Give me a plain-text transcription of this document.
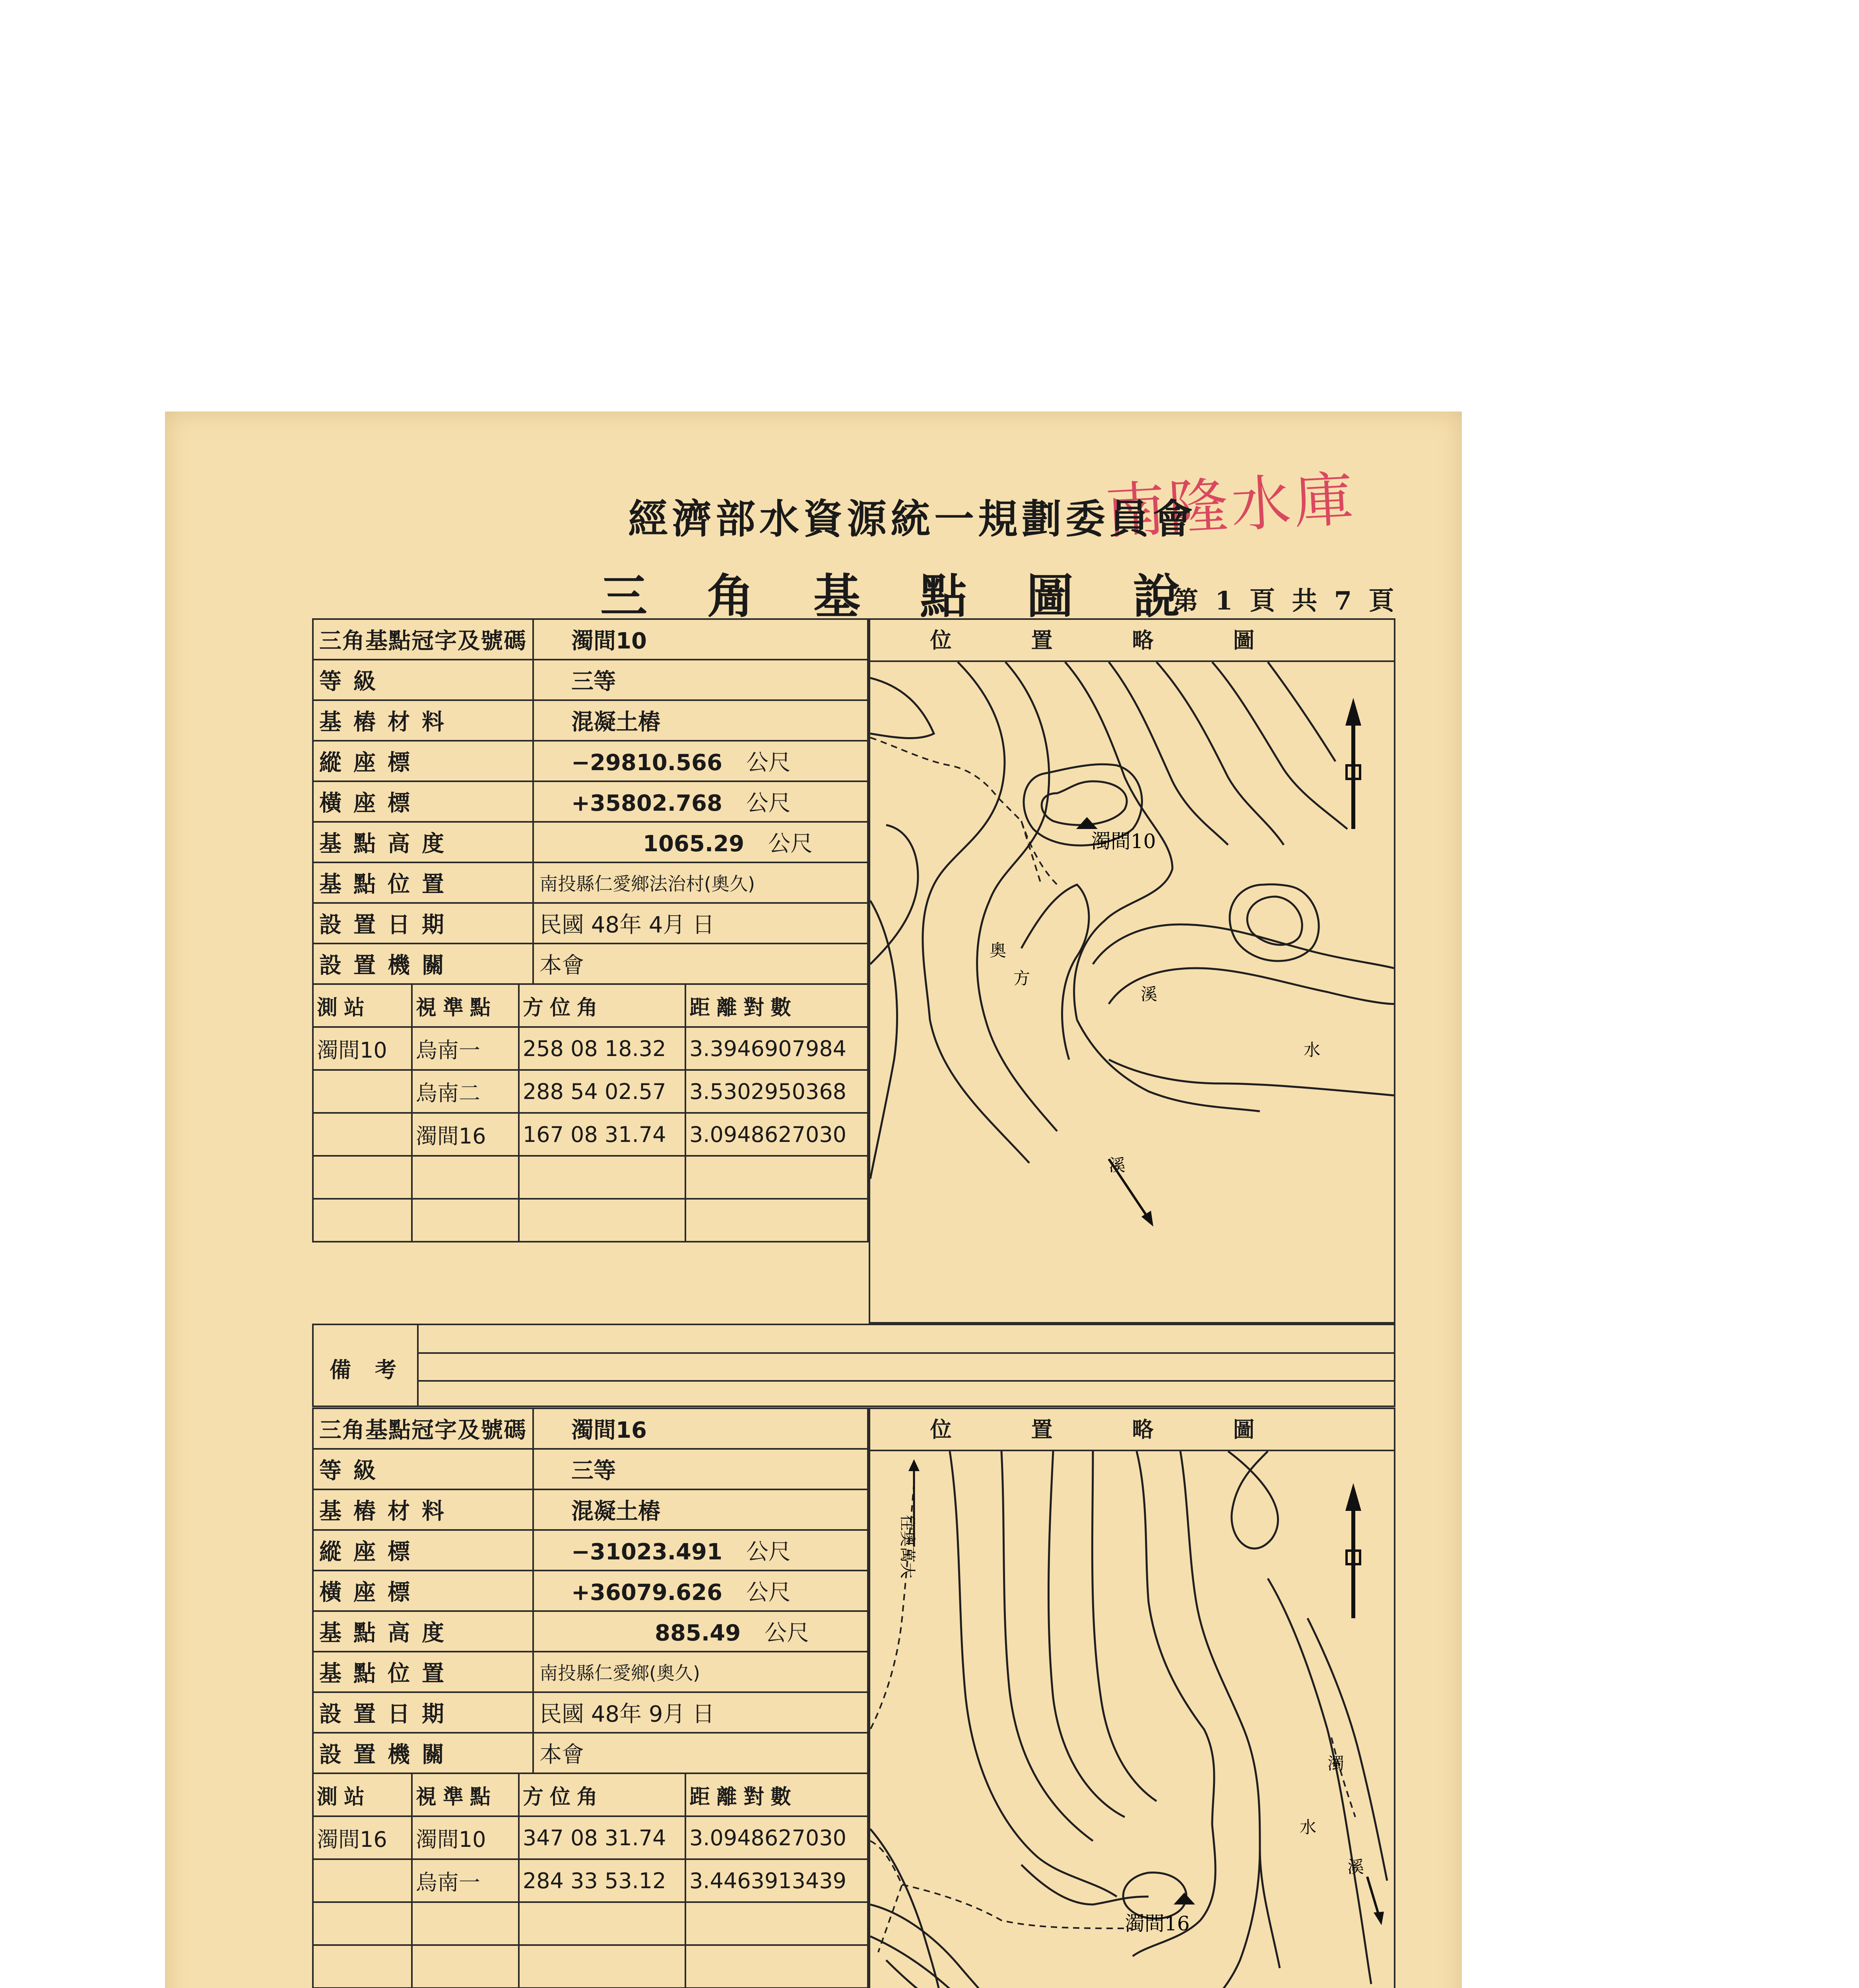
南隆水庫
經濟部水資源統一規劃委員會
三角基點圖說
第 1 頁 共 7 頁
三角基點冠字及號碼	濁間10
等級	三等
基樁材料	混凝土樁
縱座標	−29810.566 公尺
橫座標	+35802.768 公尺
基點高度	1065.29 公尺
基點位置	南投縣仁愛鄉法治村(奧久)
設置日期	民國 48年 4月 日
設置機關	本會
測站	視準點	方位角	距離對數
濁間10	烏南一	258 08 18.32	3.3946907984
	烏南二	288 54 02.57	3.5302950368
	濁間16	167 08 31.74	3.0948627030

位置略圖
濁間10
奧
方
溪
水
溪
備考
三角基點冠字及號碼	濁間16
等級	三等
基樁材料	混凝土樁
縱座標	−31023.491 公尺
橫座標	+36079.626 公尺
基點高度	885.49 公尺
基點位置	南投縣仁愛鄉(奧久)
設置日期	民國 48年 9月 日
設置機關	本會
測站	視準點	方位角	距離對數
濁間16	濁間10	347 08 31.74	3.0948627030
	烏南一	284 33 53.12	3.4463913439

位置略圖
濁間16
往奧萬大
濁
水
溪
